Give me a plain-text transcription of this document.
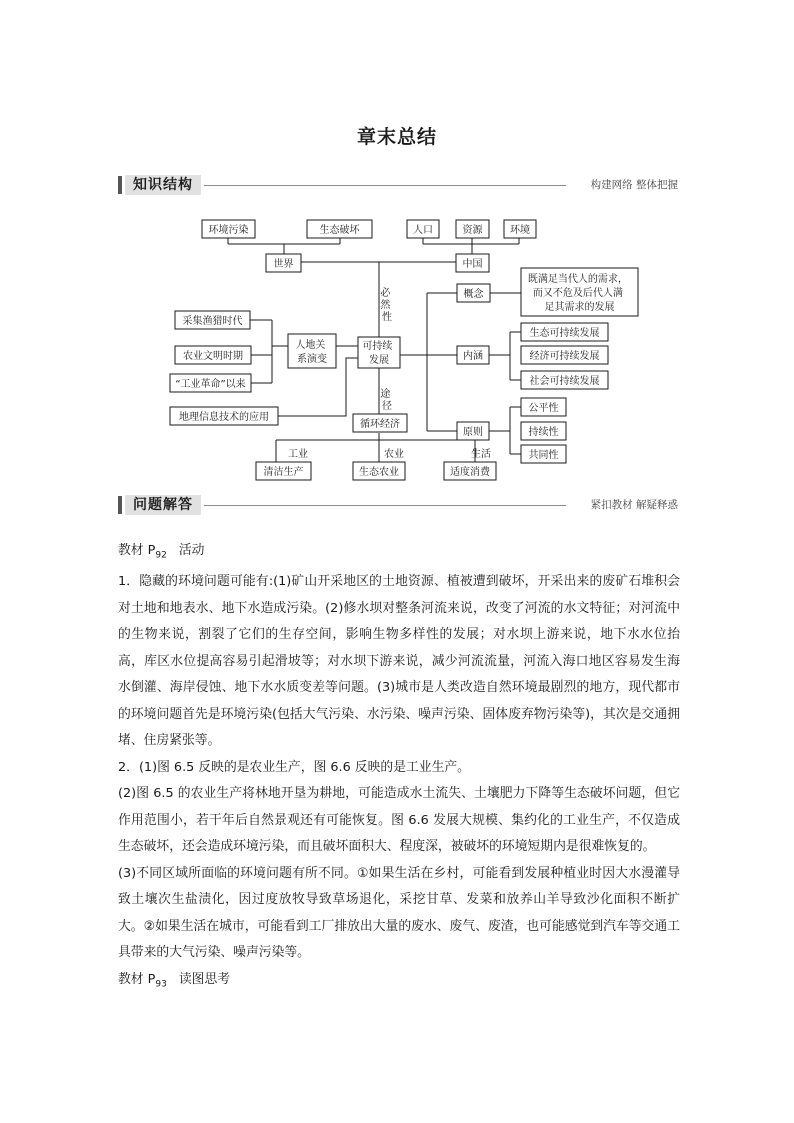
章末总结
知识结构	构建网络 整体把握
环境污染	生态破坏
世界
人口	资源	环境
中国
必 然 性
概念
既满足当代人的需求， 而又不危及后代人满 足其需求的发展
采集渔猎时代
农业文明时期
“工业革命”以来
人地关 系演变
可持续 发展	内涵
生态可持续发展
经济可持续发展
社会可持续发展
地理信息技术的应用
途 径
循环经济
原则
公平性
持续性
共同性
工业	农业	生活
清洁生产	生态农业	适度消费
问题解答	紧扣教材 解疑释惑

教材 $P_{92}$ 活动

1．隐藏的环境问题可能有:(1)矿山开采地区的土地资源、植被遭到破坏，开采出来的废矿石堆积会对土地和地表水、地下水造成污染。(2)修水坝对整条河流来说，改变了河流的水文特征；对河流中的生物来说，割裂了它们的生存空间，影响生物多样性的发展；对水坝上游来说，地下水水位抬高，库区水位提高容易引起滑坡等；对水坝下游来说，减少河流流量，河流入海口地区容易发生海水倒灌、海岸侵蚀、地下水水质变差等问题。(3)城市是人类改造自然环境最剧烈的地方，现代都市的环境问题首先是环境污染(包括大气污染、水污染、噪声污染、固体废弃物污染等)，其次是交通拥堵、住房紧张等。

2．(1)图 6.5 反映的是农业生产，图 6.6 反映的是工业生产。

(2)图 6.5 的农业生产将林地开垦为耕地，可能造成水土流失、土壤肥力下降等生态破坏问题，但它作用范围小，若干年后自然景观还有可能恢复。图 6.6 发展大规模、集约化的工业生产，不仅造成生态破坏，还会造成环境污染，而且破坏面积大、程度深，被破坏的环境短期内是很难恢复的。

(3)不同区域所面临的环境问题有所不同。①如果生活在乡村，可能看到发展种植业时因大水漫灌导致土壤次生盐渍化，因过度放牧导致草场退化，采挖甘草、发菜和放养山羊导致沙化面积不断扩大。②如果生活在城市，可能看到工厂排放出大量的废水、废气、废渣，也可能感觉到汽车等交通工具带来的大气污染、噪声污染等。

教材 $P_{93}$ 读图思考
